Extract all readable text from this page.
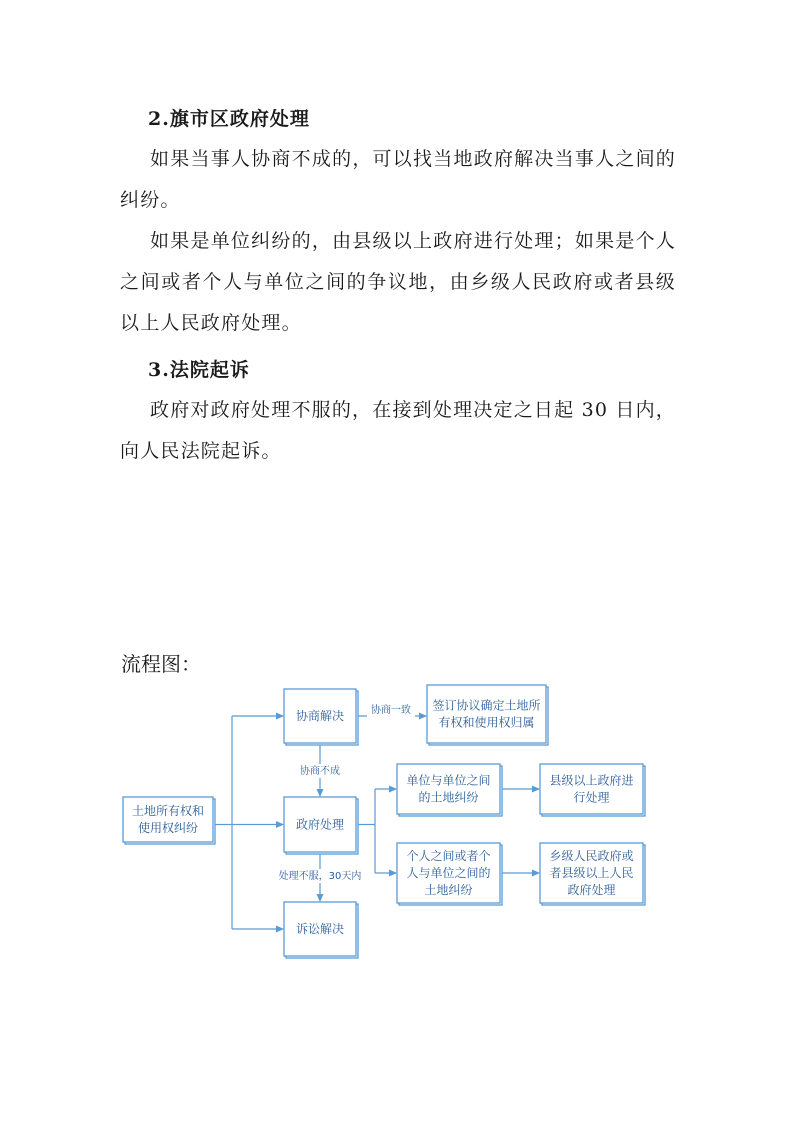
2.旗市区政府处理
如果当事人协商不成的，可以找当地政府解决当事人之间的纠纷。
如果是单位纠纷的，由县级以上政府进行处理；如果是个人之间或者个人与单位之间的争议地，由乡级人民政府或者县级以上人民政府处理。
3.法院起诉
政府对政府处理不服的，在接到处理决定之日起 30 日内，向人民法院起诉。
流程图：
土地所有权和
使用权纠纷
协商解决
签订协议确定土地所
有权和使用权归属
政府处理
诉讼解决
单位与单位之间
的土地纠纷
县级以上政府进
行处理
个人之间或者个
人与单位之间的
土地纠纷
乡级人民政府或
者县级以上人民
政府处理
协商一致
协商不成
处理不服，30天内
